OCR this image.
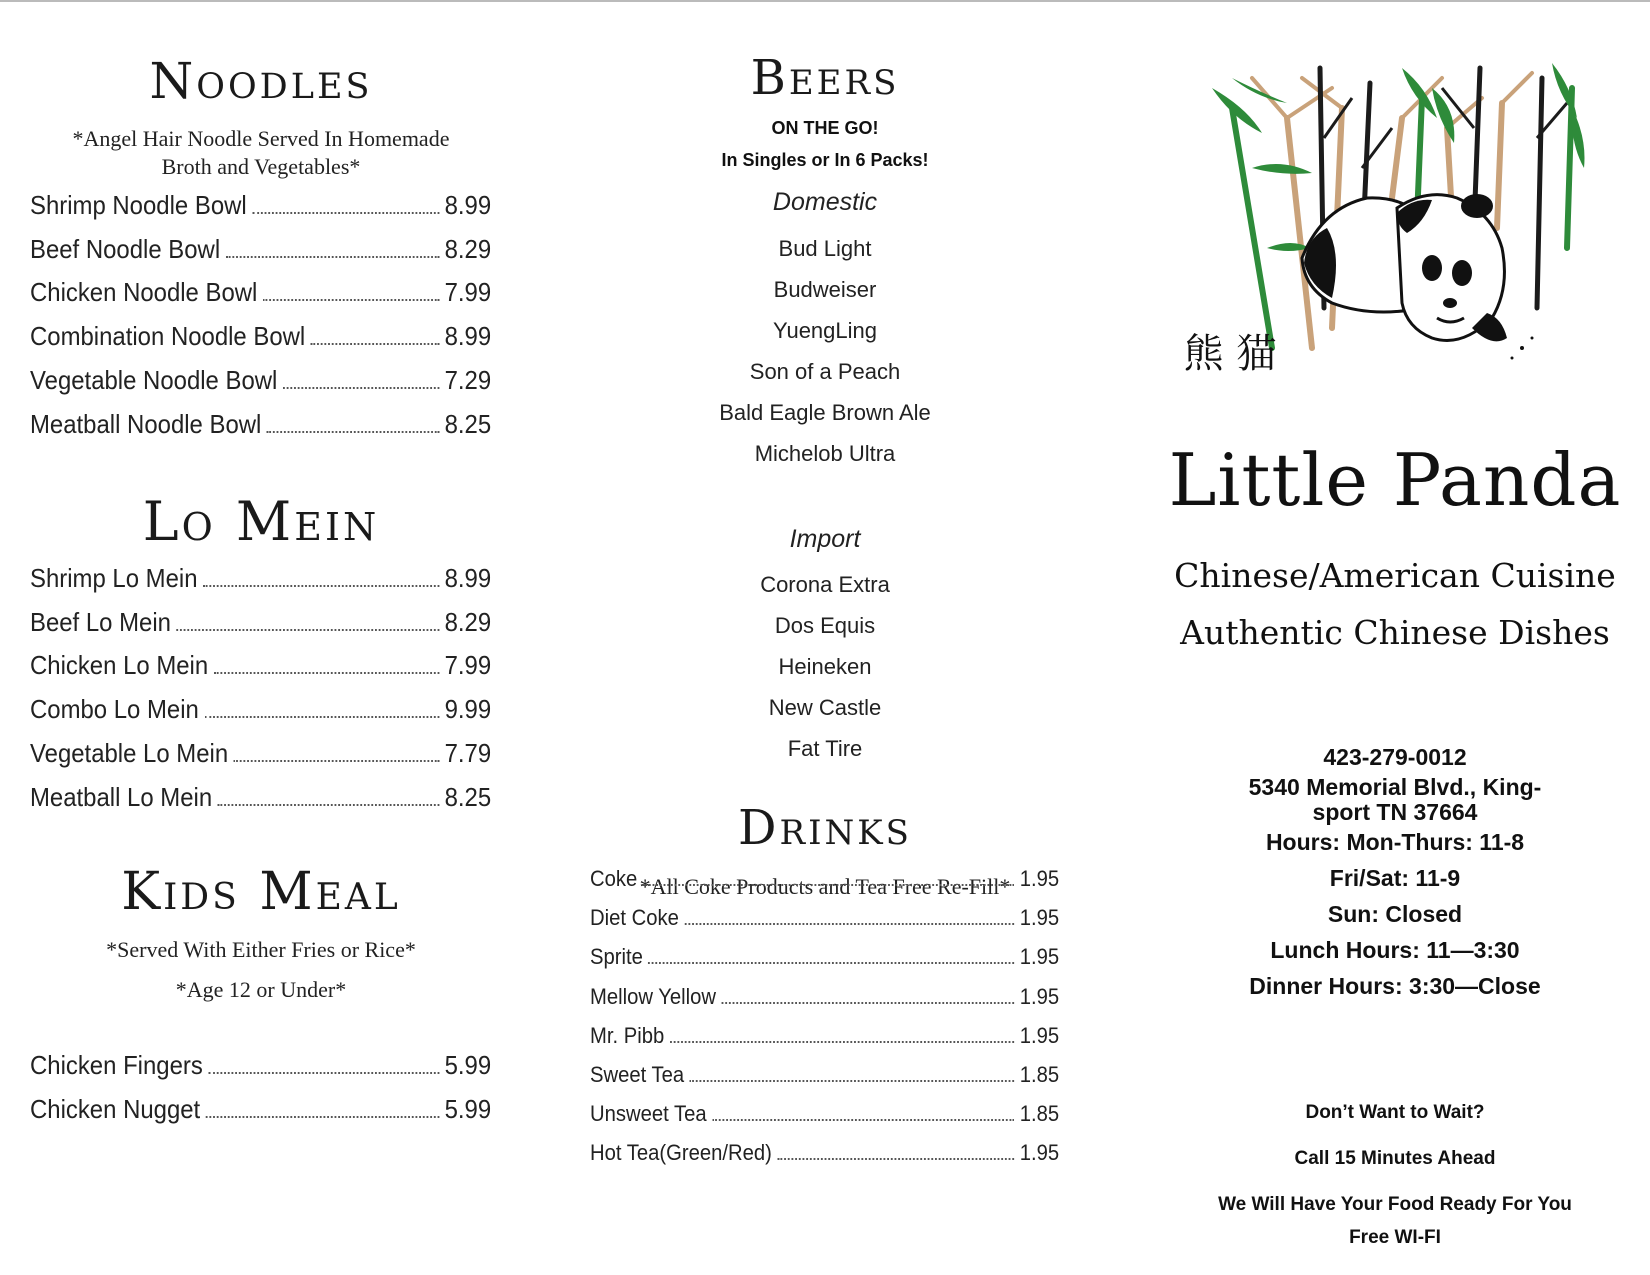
Noodles
*Angel Hair Noodle Served In Homemade
Broth and Vegetables*
Shrimp Noodle Bowl	8.99
Beef Noodle Bowl	8.29
Chicken Noodle Bowl	7.99
Combination Noodle Bowl	8.99
Vegetable Noodle Bowl	7.29
Meatball Noodle Bowl	8.25
Lo Mein
Shrimp Lo Mein	8.99
Beef Lo Mein	8.29
Chicken Lo Mein	7.99
Combo Lo Mein	9.99
Vegetable Lo Mein	7.79
Meatball Lo Mein	8.25
Kids Meal
*Served With Either Fries or Rice*
*Age 12 or Under*
Chicken Fingers	5.99
Chicken Nugget	5.99
Beers
ON THE GO!
In Singles or In 6 Packs!
Domestic
Bud Light
Budweiser
YuengLing
Son of a Peach
Bald Eagle Brown Ale
Michelob Ultra
Import
Corona Extra
Dos Equis
Heineken
New Castle
Fat Tire
Drinks
*All Coke Products and Tea Free Re-Fill*
Coke	1.95
Diet Coke	1.95
Sprite	1.95
Mellow Yellow	1.95
Mr. Pibb	1.95
Sweet Tea	1.85
Unsweet Tea	1.85
Hot Tea(Green/Red)	1.95
熊 猫
Little Panda
Chinese/American Cuisine
Authentic Chinese Dishes
423-279-0012
5340 Memorial Blvd., King-
sport TN 37664
Hours: Mon-Thurs: 11-8
Fri/Sat: 11-9
Sun: Closed
Lunch Hours: 11—3:30
Dinner Hours: 3:30—Close
Don’t Want to Wait?
Call 15 Minutes Ahead
We Will Have Your Food Ready For You
Free WI-FI
